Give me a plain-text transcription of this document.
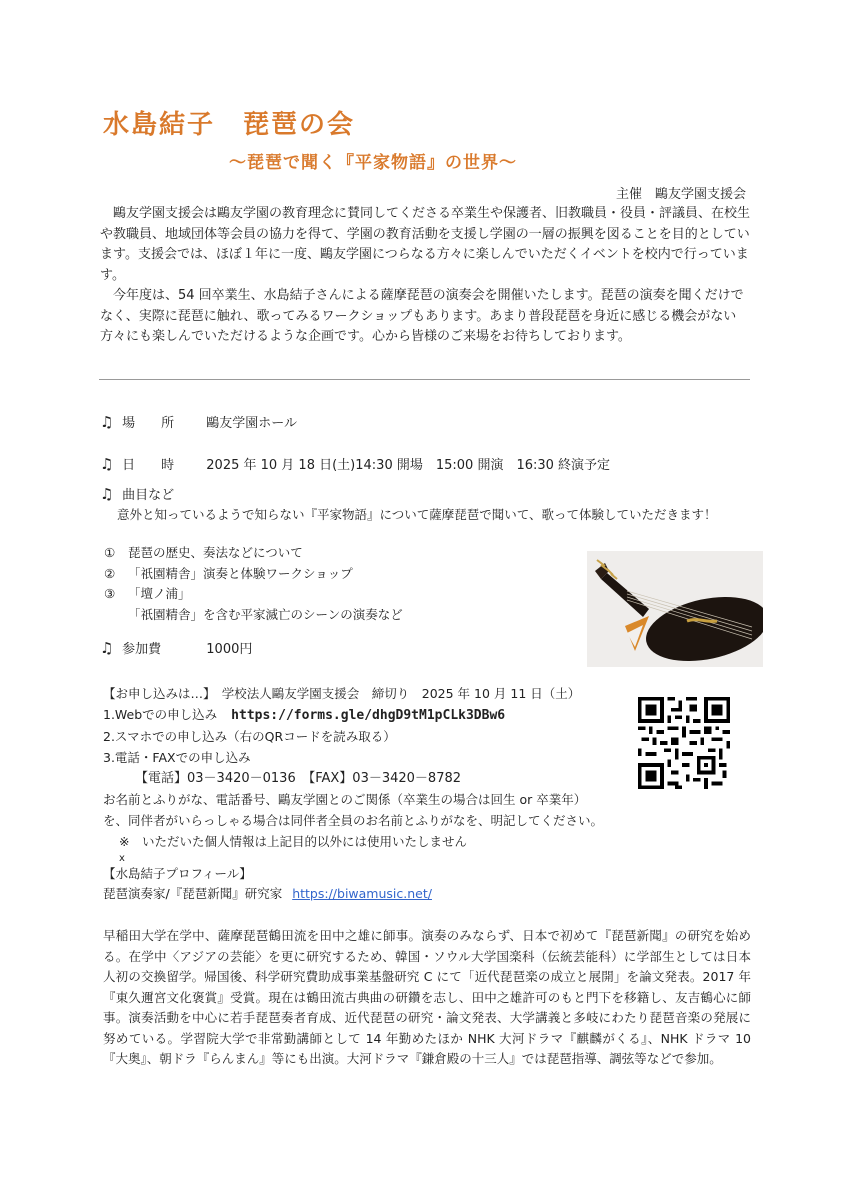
水島結子　琵琶の会
〜琵琶で聞く『平家物語』の世界〜
主催　鷗友学園支援会

鷗友学園支援会は鷗友学園の教育理念に賛同してくださる卒業生や保護者、旧教職員・役員・評議員、在校生や教職員、地域団体等会員の協力を得て、学園の教育活動を支援し学園の一層の振興を図ることを目的としています。支援会では、ほぼ１年に一度、鷗友学園につらなる方々に楽しんでいただくイベントを校内で行っています。

今年度は、54 回卒業生、水島結子さんによる薩摩琵琶の演奏会を開催いたします。琵琶の演奏を聞くだけでなく、実際に琵琶に触れ、歌ってみるワークショップもあります。あまり普段琵琶を身近に感じる機会がない方々にも楽しんでいただけるような企画です。心から皆様のご来場をお待ちしております。

♫ 場　　所 鷗友学園ホール
♫ 日　　時 2025 年 10 月 18 日(土)14:30 開場　15:00 開演　16:30 終演予定
♫ 曲目など
意外と知っているようで知らない『平家物語』について薩摩琵琶で聞いて、歌って体験していただきます！
① 琵琶の歴史、奏法などについて
② 「祇園精舎」演奏と体験ワークショップ
③ 「壇ノ浦」
「祇園精舎」を含む平家滅亡のシーンの演奏など
♫ 参加費	1000円
【お申し込みは…】　学校法人鷗友学園支援会　締切り　2025 年 10 月 11 日（土）
1.Webでの申し込み https://forms.gle/dhgD9tM1pCLk3DBw6
2.スマホでの申し込み（右のQRコードを読み取る）
3.電話・FAXでの申し込み
【電話】03－3420－0136　【FAX】03－3420－8782
お名前とふりがな、電話番号、鷗友学園とのご関係（卒業生の場合は回生 or 卒業年）
を、同伴者がいらっしゃる場合は同伴者全員のお名前とふりがなを、明記してください。
※　いただいた個人情報は上記目的以外には使用いたしません
x
【水島結子プロフィール】
琵琶演奏家/『琵琶新聞』研究家 https://biwamusic.net/
早稲田大学在学中、薩摩琵琶鶴田流を田中之雄に師事。演奏のみならず、日本で初めて『琵琶新聞』の研究を始める。在学中〈アジアの芸能〉を更に研究するため、韓国・ソウル大学国楽科（伝統芸能科）に学部生としては日本人初の交換留学。帰国後、科学研究費助成事業基盤研究 C にて「近代琵琶楽の成立と展開」を論文発表。2017 年『東久邇宮文化褒賞』受賞。現在は鶴田流古典曲の研鑽を志し、田中之雄許可のもと門下を移籍し、友吉鶴心に師事。演奏活動を中心に若手琵琶奏者育成、近代琵琶の研究・論文発表、大学講義と多岐にわたり琵琶音楽の発展に努めている。学習院大学で非常勤講師として 14 年勤めたほか NHK 大河ドラマ『麒麟がくる』、NHK ドラマ 10『大奥』、朝ドラ『らんまん』等にも出演。大河ドラマ『鎌倉殿の十三人』では琵琶指導、調弦等などで参加。
